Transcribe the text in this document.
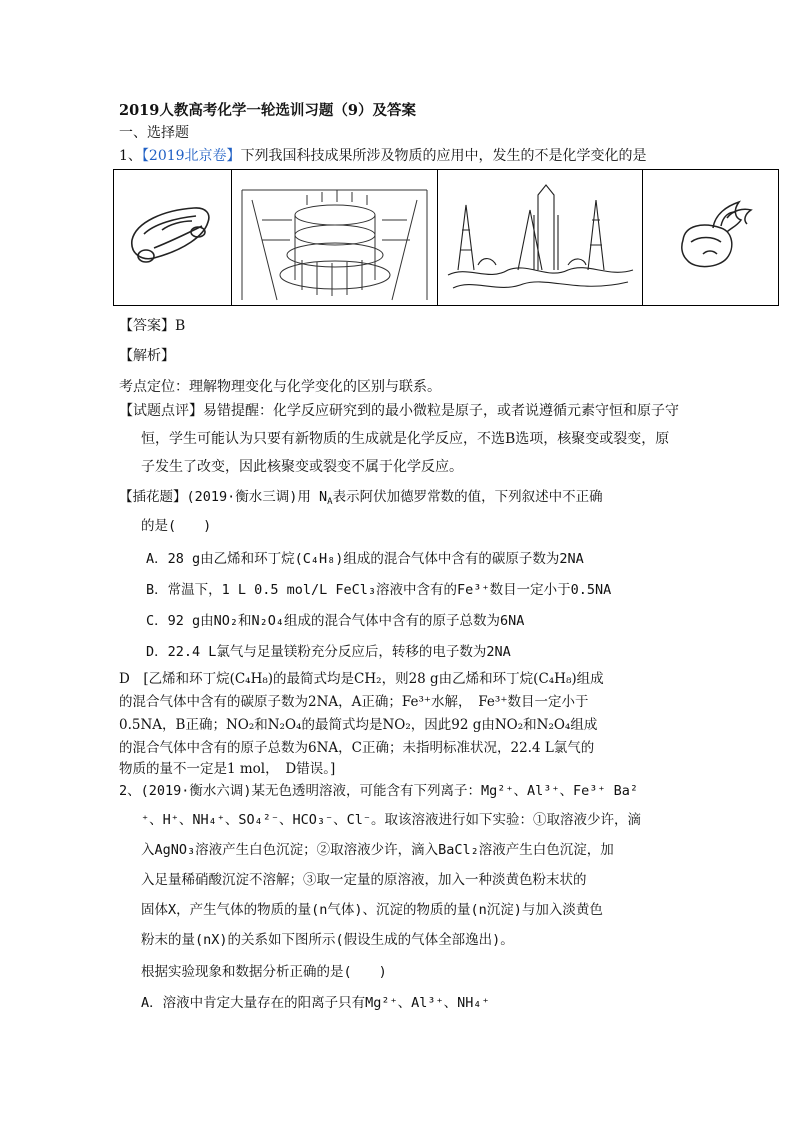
2019人教高考化学一轮选训习题（9）及答案
一、选择题
1、【2019北京卷】下列我国科技成果所涉及物质的应用中，发生的不是化学变化的是
【答案】B
【解析】
考点定位：理解物理变化与化学变化的区别与联系。
【试题点评】易错提醒：化学反应研究到的最小微粒是原子，或者说遵循元素守恒和原子守
恒，学生可能认为只要有新物质的生成就是化学反应，不选B选项，核聚变或裂变，原
子发生了改变，因此核聚变或裂变不属于化学反应。
【插花题】(2019·衡水三调)用 $N_A$表示阿伏加德罗常数的值，下列叙述中不正确
的是(　　)
A．28 g由乙烯和环丁烷(C₄H₈)组成的混合气体中含有的碳原子数为2NA
B．常温下，1 L 0.5 mol/L FeCl₃溶液中含有的Fe³⁺数目一定小于0.5NA
C．92 g由NO₂和N₂O₄组成的混合气体中含有的原子总数为6NA
D．22.4 L氯气与足量镁粉充分反应后，转移的电子数为2NA
D　[乙烯和环丁烷(C₄H₈)的最简式均是CH₂，则28 g由乙烯和环丁烷(C₄H₈)组成
的混合气体中含有的碳原子数为2NA，A正确；Fe³⁺水解，　Fe³⁺数目一定小于
0.5NA，B正确；NO₂和N₂O₄的最简式均是NO₂，因此92 g由NO₂和N₂O₄组成
的混合气体中含有的原子总数为6NA，C正确；未指明标准状况，22.4 L氯气的
物质的量不一定是1 mol，　D错误。]
2、(2019·衡水六调)某无色透明溶液，可能含有下列离子：Mg²⁺、Al³⁺、Fe³⁺ Ba²
⁺、H⁺、NH₄⁺、SO₄²⁻、HCO₃⁻、Cl⁻。取该溶液进行如下实验：①取溶液少许，滴
入AgNO₃溶液产生白色沉淀；②取溶液少许，滴入BaCl₂溶液产生白色沉淀，加
入足量稀硝酸沉淀不溶解；③取一定量的原溶液，加入一种淡黄色粉末状的
固体X，产生气体的物质的量(n气体)、沉淀的物质的量(n沉淀)与加入淡黄色
粉末的量(nX)的关系如下图所示(假设生成的气体全部逸出)。
根据实验现象和数据分析正确的是(　　)
A．溶液中肯定大量存在的阳离子只有Mg²⁺、Al³⁺、NH₄⁺
